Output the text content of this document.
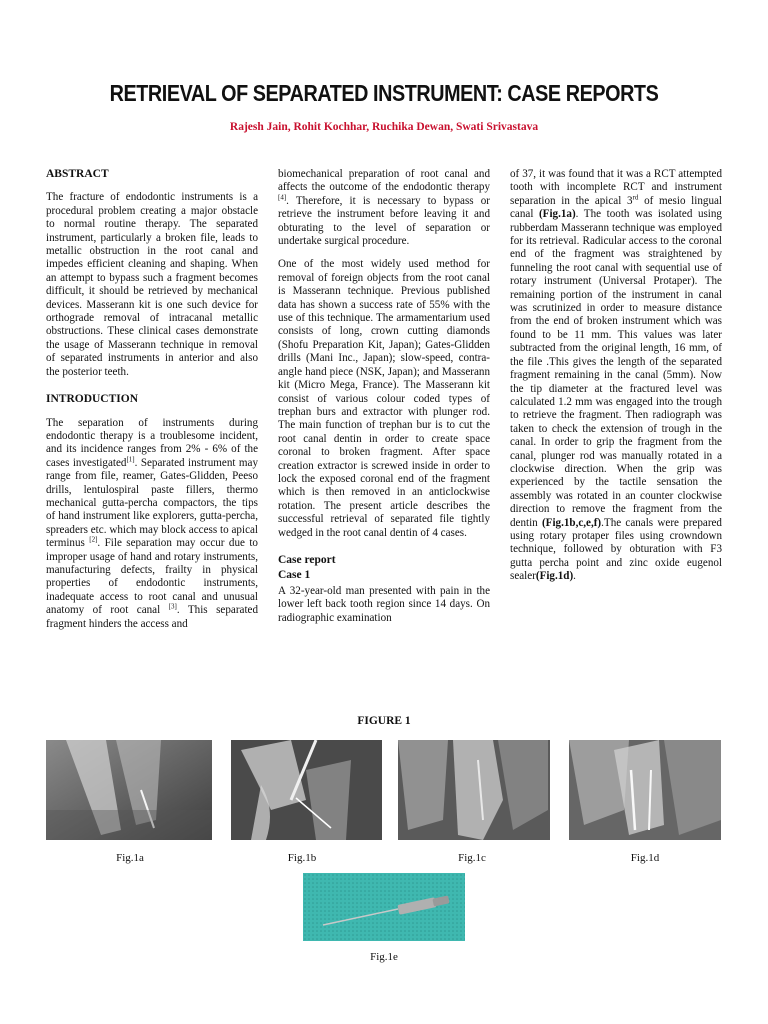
RETRIEVAL OF SEPARATED INSTRUMENT: CASE REPORTS
Rajesh Jain, Rohit Kochhar, Ruchika Dewan, Swati Srivastava
ABSTRACT

The fracture of endodontic instruments is a procedural problem creating a major obstacle to normal routine therapy. The separated instrument, particularly a broken file, leads to metallic obstruction in the root canal and impedes efficient cleaning and shaping. When an attempt to bypass such a fragment becomes difficult, it should be retrieved by mechanical devices. Masserann kit is one such device for orthograde removal of intracanal metallic obstructions. These clinical cases demonstrate the usage of Masserann technique in removal of separated instruments in anterior and also the posterior teeth.

INTRODUCTION

The separation of instruments during endodontic therapy is a troublesome incident, and its incidence ranges from 2% - 6% of the cases investigated[1]. Separated instrument may range from file, reamer, Gates-Glidden, Peeso drills, lentulospiral paste fillers, thermo mechanical gutta-percha compactors, the tips of hand instrument like explorers, gutta-percha, spreaders etc. which may block access to apical terminus [2]. File separation may occur due to improper usage of hand and rotary instruments, manufacturing defects, frailty in physical properties of endodontic instruments, inadequate access to root canal and unusual anatomy of root canal [3]. This separated fragment hinders the access and

biomechanical preparation of root canal and affects the outcome of the endodontic therapy [4]. Therefore, it is necessary to bypass or retrieve the instrument before leaving it and obturating to the level of separation or undertake surgical procedure.

One of the most widely used method for removal of foreign objects from the root canal is Masserann technique. Previous published data has shown a success rate of 55% with the use of this technique. The armamentarium used consists of long, crown cutting diamonds (Shofu Preparation Kit, Japan); Gates-Glidden drills (Mani Inc., Japan); slow-speed, contra-angle hand piece (NSK, Japan); and Masserann kit (Micro Mega, France). The Masserann kit consist of various colour coded types of trephan burs and extractor with plunger rod. The main function of trephan bur is to cut the root canal dentin in order to create space coronal to broken fragment. After space creation extractor is screwed inside in order to lock the exposed coronal end of the fragment which is then removed in an anticlockwise rotation. The present article describes the successful retrieval of separated file tightly wedged in the root canal dentin of 4 cases.

Case report
Case 1

A 32-year-old man presented with pain in the lower left back tooth region since 14 days. On radiographic examination

of 37, it was found that it was a RCT attempted tooth with incomplete RCT and instrument separation in the apical 3rd of mesio lingual canal (Fig.1a). The tooth was isolated using rubberdam Masserann technique was employed for its retrieval. Radicular access to the coronal end of the fragment was straightened by funneling the root canal with sequential use of rotary instrument (Universal Protaper). The remaining portion of the instrument in canal was scrutinized in order to measure distance from the end of broken instrument which was found to be 11 mm. This values was later subtracted from the original length, 16 mm, of the file .This gives the length of the separated fragment remaining in the canal (5mm). Now the tip diameter at the fractured level was calculated 1.2 mm was engaged into the trough to retrieve the fragment. Then radiograph was taken to check the extension of trough in the canal. In order to grip the fragment from the canal, plunger rod was manually rotated in a clockwise direction. When the grip was experienced by the tactile sensation the assembly was rotated in an counter clockwise direction to remove the fragment from the dentin (Fig.1b,c,e,f).The canals were prepared using rotary protaper files using crowndown technique, followed by obturation with F3 gutta percha point and zinc oxide eugenol sealer(Fig.1d).

FIGURE 1
Fig.1a	Fig.1b	Fig.1c	Fig.1d
Fig.1e
